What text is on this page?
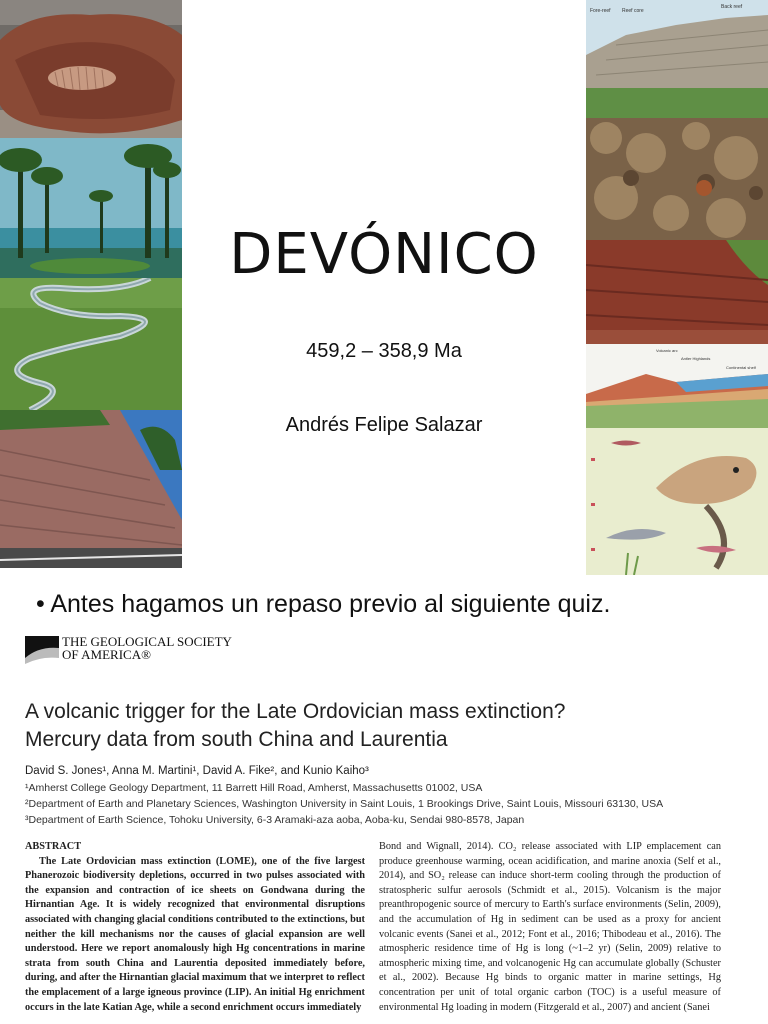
Fore-reef Reef core
Back reef
Volcanic arc
Antler Highlands
Continental shelf
DEVÓNICO
459,2 – 358,9 Ma
Andrés Felipe Salazar
• Antes hagamos un repaso previo al siguiente quiz.
THE GEOLOGICAL SOCIETY
OF AMERICA®
A volcanic trigger for the Late Ordovician mass extinction?
Mercury data from south China and Laurentia
David S. Jones¹, Anna M. Martini¹, David A. Fike², and Kunio Kaiho³
¹Amherst College Geology Department, 11 Barrett Hill Road, Amherst, Massachusetts 01002, USA
²Department of Earth and Planetary Sciences, Washington University in Saint Louis, 1 Brookings Drive, Saint Louis, Missouri 63130, USA
³Department of Earth Science, Tohoku University, 6-3 Aramaki-aza aoba, Aoba-ku, Sendai 980-8578, Japan

ABSTRACT

The Late Ordovician mass extinction (LOME), one of the five largest Phanerozoic biodiversity depletions, occurred in two pulses associated with the expansion and contraction of ice sheets on Gondwana during the Hirnantian Age. It is widely recognized that environmental disruptions associated with changing glacial conditions contributed to the extinctions, but neither the kill mechanisms nor the causes of glacial expansion are well understood. Here we report anomalously high Hg concentrations in marine strata from south China and Laurentia deposited immediately before, during, and after the Hirnantian glacial maximum that we interpret to reflect the emplacement of a large igneous province (LIP). An initial Hg enrichment occurs in the late Katian Age, while a second enrichment occurs immediately

Bond and Wignall, 2014). CO₂ release associated with LIP emplacement can produce greenhouse warming, ocean acidification, and marine anoxia (Self et al., 2014), and SO₂ release can induce short-term cooling through the production of stratospheric sulfur aerosols (Schmidt et al., 2015). Volcanism is the major preanthropogenic source of mercury to Earth's surface environments (Selin, 2009), and the accumulation of Hg in sediment can be used as a proxy for ancient volcanic events (Sanei et al., 2012; Font et al., 2016; Thibodeau et al., 2016). The atmospheric residence time of Hg is long (~1–2 yr) (Selin, 2009) relative to atmospheric mixing time, and volcanogenic Hg can accumulate globally (Schuster et al., 2002). Because Hg binds to organic matter in marine settings, Hg concentration per unit of total organic carbon (TOC) is a useful measure of environmental Hg loading in modern (Fitzgerald et al., 2007) and ancient (Sanei
